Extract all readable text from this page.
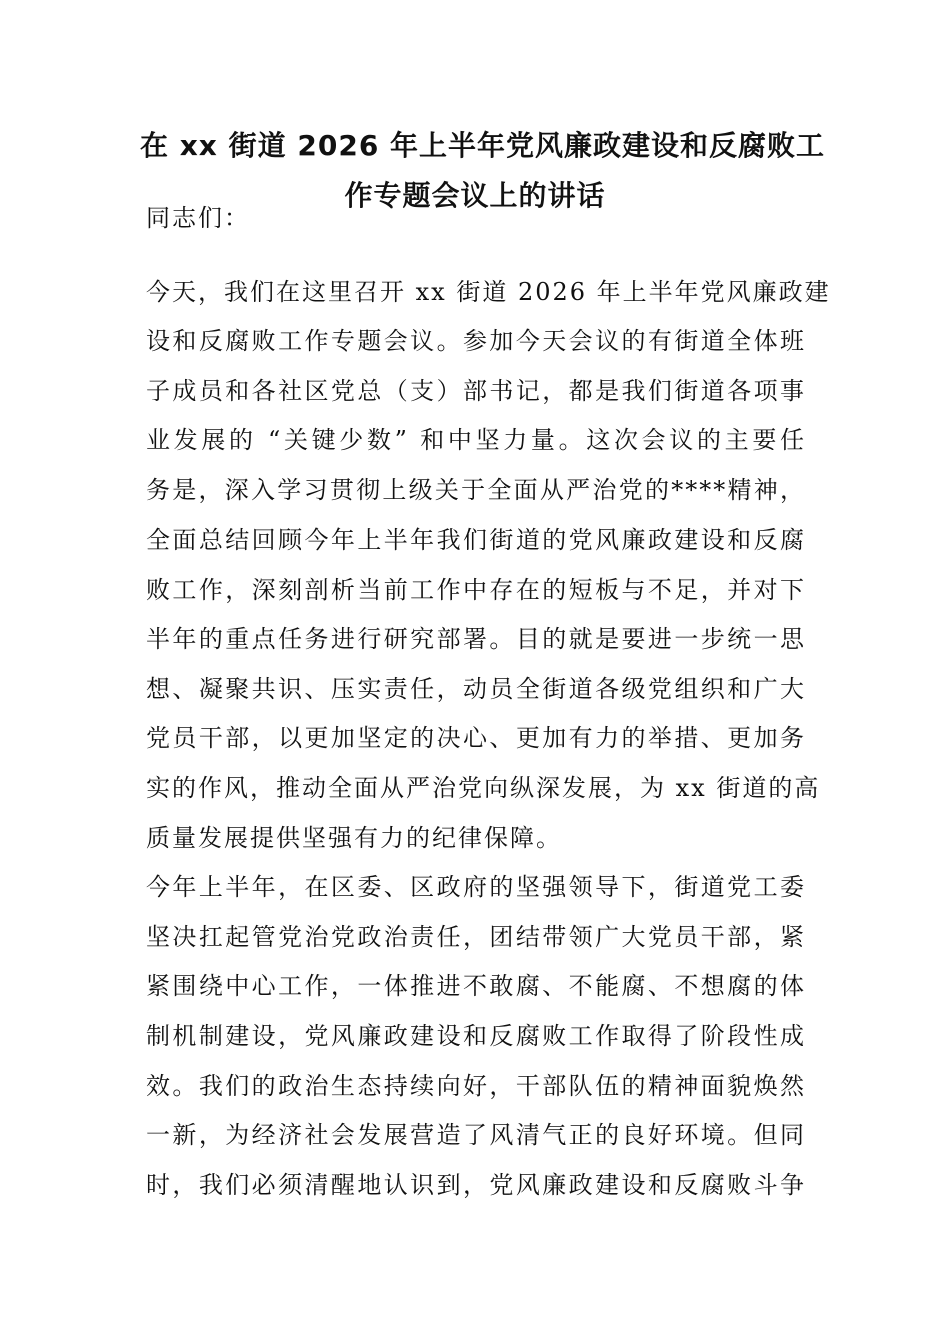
在 xx 街道 2026 年上半年党风廉政建设和反腐败工
作专题会议上的讲话
同志们：
今天，我们在这里召开 xx 街道 2026 年上半年党风廉政建
设和反腐败工作专题会议。参加今天会议的有街道全体班
子成员和各社区党总（支）部书记，都是我们街道各项事
业发展的 “关键少数” 和中坚力量。这次会议的主要任
务是，深入学习贯彻上级关于全面从严治党的****精神，
全面总结回顾今年上半年我们街道的党风廉政建设和反腐
败工作，深刻剖析当前工作中存在的短板与不足，并对下
半年的重点任务进行研究部署。目的就是要进一步统一思
想、凝聚共识、压实责任，动员全街道各级党组织和广大
党员干部，以更加坚定的决心、更加有力的举措、更加务
实的作风，推动全面从严治党向纵深发展，为 xx 街道的高
质量发展提供坚强有力的纪律保障。
今年上半年，在区委、区政府的坚强领导下，街道党工委
坚决扛起管党治党政治责任，团结带领广大党员干部，紧
紧围绕中心工作，一体推进不敢腐、不能腐、不想腐的体
制机制建设，党风廉政建设和反腐败工作取得了阶段性成
效。我们的政治生态持续向好，干部队伍的精神面貌焕然
一新，为经济社会发展营造了风清气正的良好环境。但同
时，我们必须清醒地认识到，党风廉政建设和反腐败斗争
